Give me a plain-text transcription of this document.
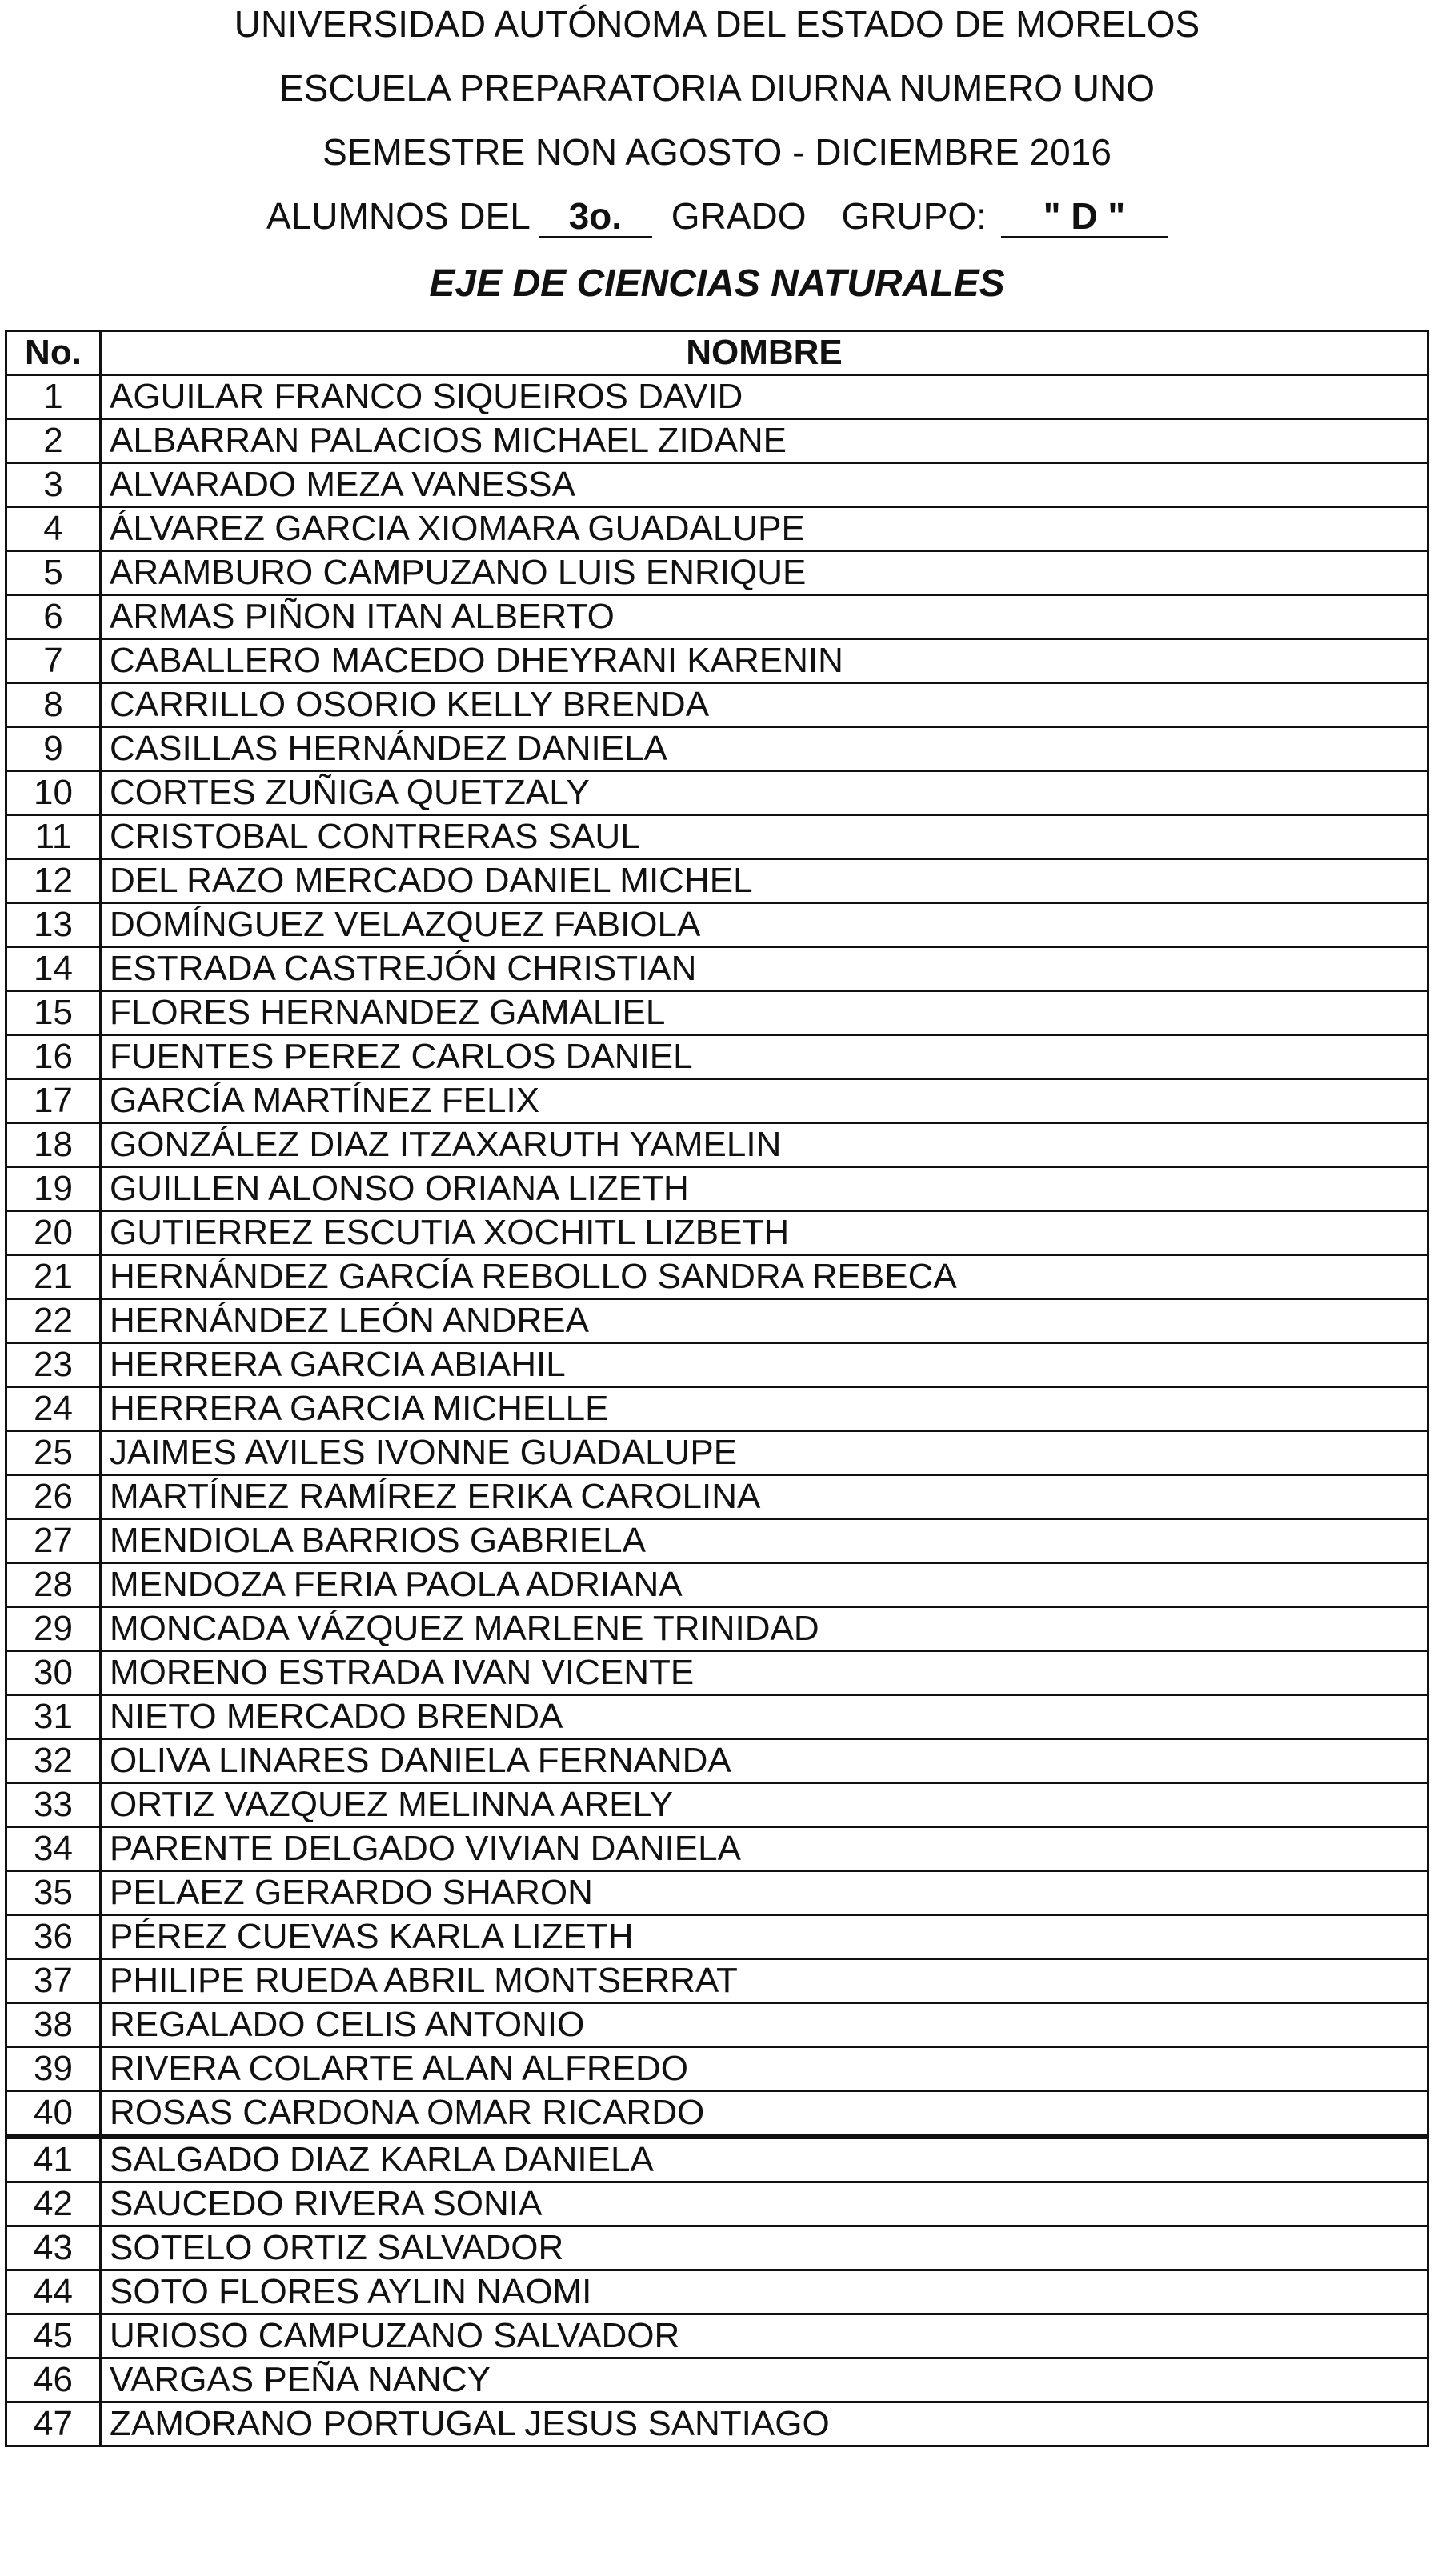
UNIVERSIDAD AUTÓNOMA DEL ESTADO DE MORELOS
ESCUELA PREPARATORIA DIURNA NUMERO UNO
SEMESTRE NON AGOSTO - DICIEMBRE 2016
ALUMNOS DEL 3o. GRADO GRUPO: " D "
EJE DE CIENCIAS NATURALES
No.	NOMBRE
1	AGUILAR FRANCO SIQUEIROS DAVID
2	ALBARRAN PALACIOS MICHAEL ZIDANE
3	ALVARADO MEZA VANESSA
4	ÁLVAREZ GARCIA XIOMARA GUADALUPE
5	ARAMBURO CAMPUZANO LUIS ENRIQUE
6	ARMAS PIÑON ITAN ALBERTO
7	CABALLERO MACEDO DHEYRANI KARENIN
8	CARRILLO OSORIO KELLY BRENDA
9	CASILLAS HERNÁNDEZ DANIELA
10	CORTES ZUÑIGA QUETZALY
11	CRISTOBAL CONTRERAS SAUL
12	DEL RAZO MERCADO DANIEL MICHEL
13	DOMÍNGUEZ VELAZQUEZ FABIOLA
14	ESTRADA CASTREJÓN CHRISTIAN
15	FLORES HERNANDEZ GAMALIEL
16	FUENTES PEREZ CARLOS DANIEL
17	GARCÍA MARTÍNEZ FELIX
18	GONZÁLEZ DIAZ ITZAXARUTH YAMELIN
19	GUILLEN ALONSO ORIANA LIZETH
20	GUTIERREZ ESCUTIA XOCHITL LIZBETH
21	HERNÁNDEZ GARCÍA REBOLLO SANDRA REBECA
22	HERNÁNDEZ LEÓN ANDREA
23	HERRERA GARCIA ABIAHIL
24	HERRERA GARCIA MICHELLE
25	JAIMES AVILES IVONNE GUADALUPE
26	MARTÍNEZ RAMÍREZ ERIKA CAROLINA
27	MENDIOLA BARRIOS GABRIELA
28	MENDOZA FERIA PAOLA ADRIANA
29	MONCADA VÁZQUEZ MARLENE TRINIDAD
30	MORENO ESTRADA IVAN VICENTE
31	NIETO MERCADO BRENDA
32	OLIVA LINARES DANIELA FERNANDA
33	ORTIZ VAZQUEZ MELINNA ARELY
34	PARENTE DELGADO VIVIAN DANIELA
35	PELAEZ GERARDO SHARON
36	PÉREZ CUEVAS KARLA LIZETH
37	PHILIPE RUEDA ABRIL MONTSERRAT
38	REGALADO CELIS ANTONIO
39	RIVERA COLARTE ALAN ALFREDO
40	ROSAS CARDONA OMAR RICARDO
41	SALGADO DIAZ KARLA DANIELA
42	SAUCEDO RIVERA SONIA
43	SOTELO ORTIZ SALVADOR
44	SOTO FLORES AYLIN NAOMI
45	URIOSO CAMPUZANO SALVADOR
46	VARGAS PEÑA NANCY
47	ZAMORANO PORTUGAL JESUS SANTIAGO
